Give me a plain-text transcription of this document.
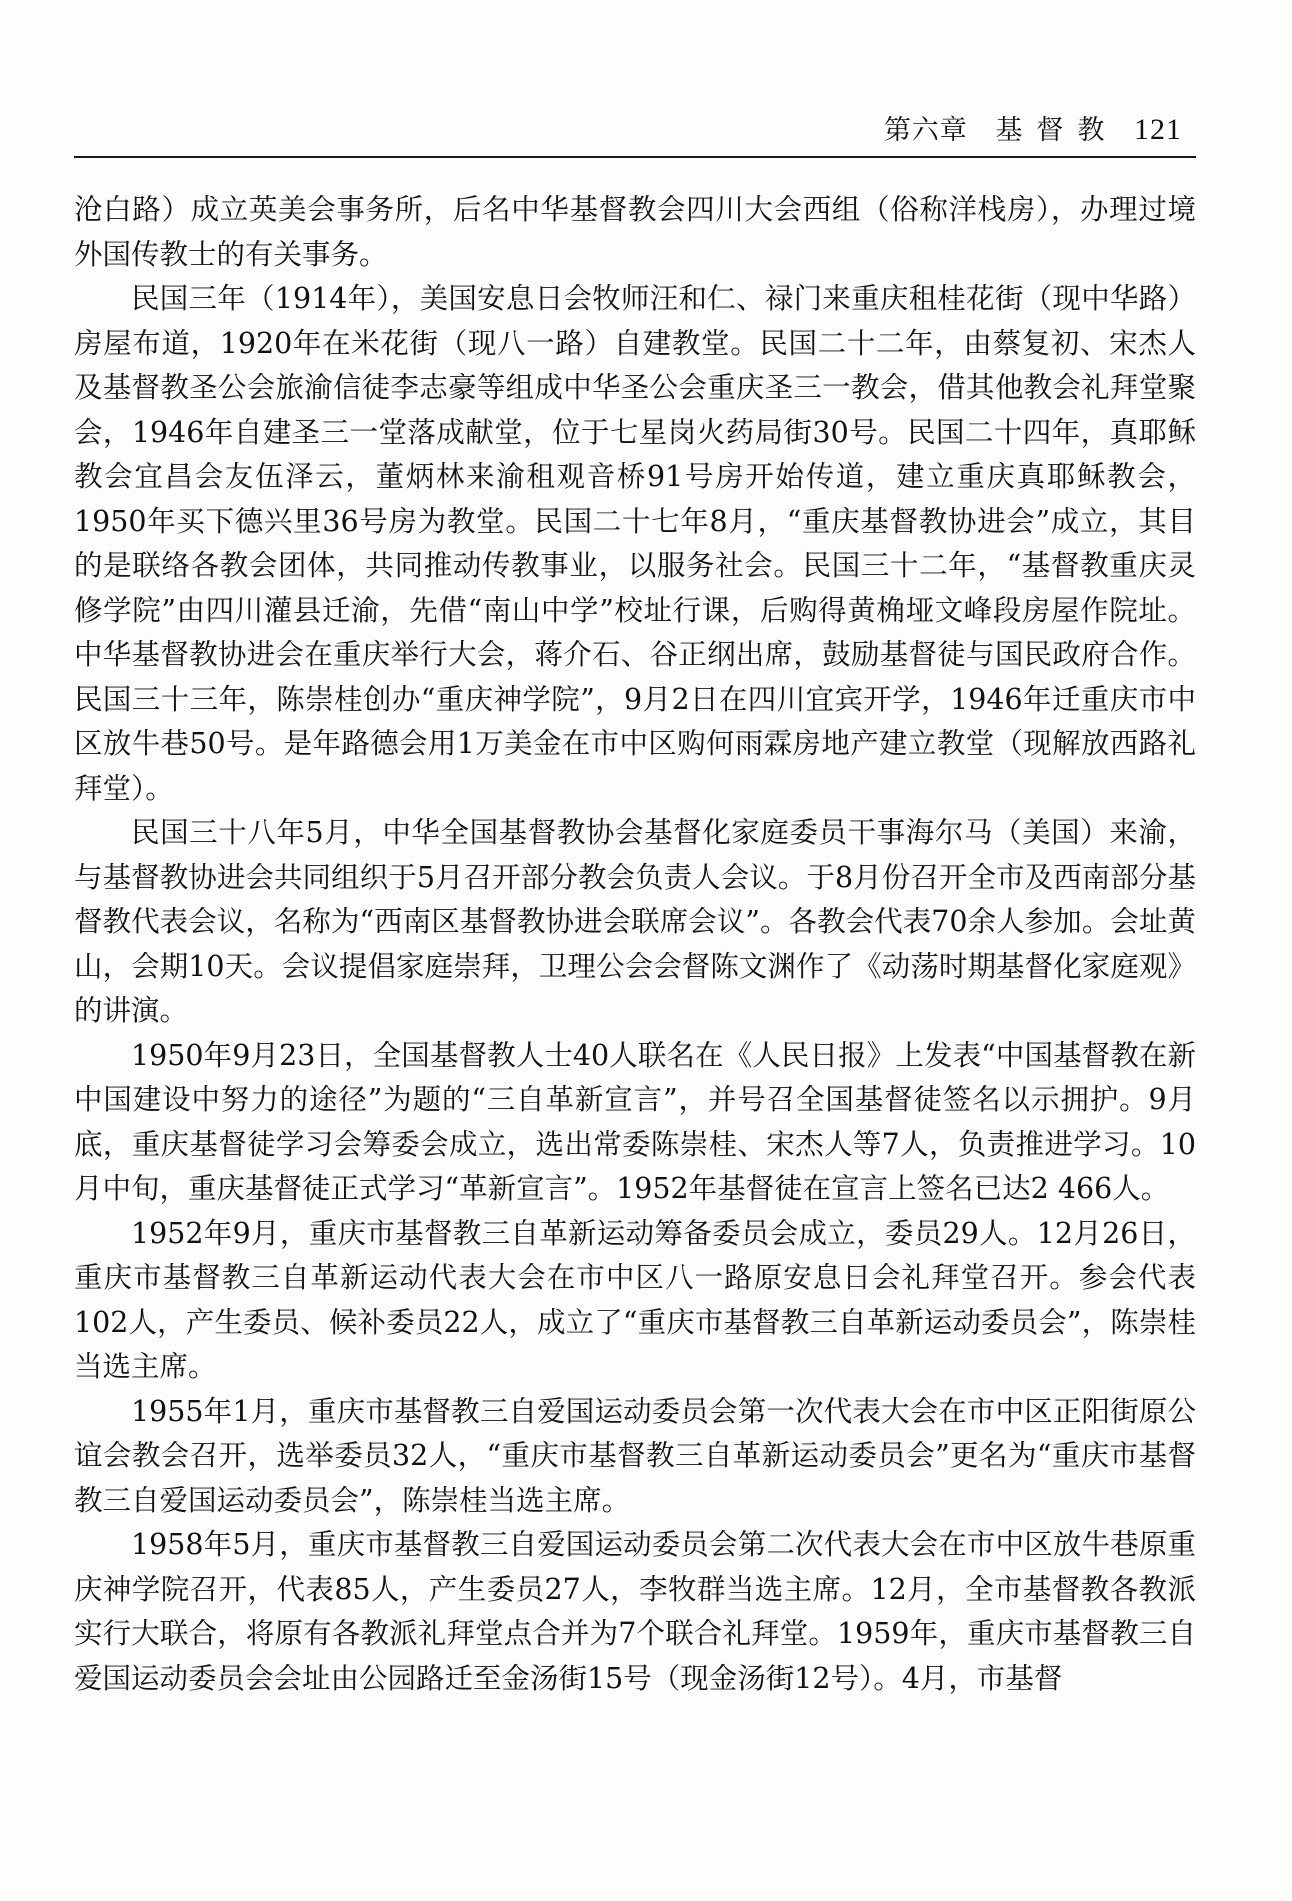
第六章 基督教 121

沧白路）成立英美会事务所，后名中华基督教会四川大会西组（俗称洋栈房），办理过境外国传教士的有关事务。

民国三年（1914年），美国安息日会牧师汪和仁、禄门来重庆租桂花街（现中华路）房屋布道，1920年在米花街（现八一路）自建教堂。民国二十二年，由蔡复初、宋杰人及基督教圣公会旅渝信徒李志豪等组成中华圣公会重庆圣三一教会，借其他教会礼拜堂聚会，1946年自建圣三一堂落成献堂，位于七星岗火药局街30号。民国二十四年，真耶稣教会宜昌会友伍泽云，董炳林来渝租观音桥91号房开始传道，建立重庆真耶稣教会，1950年买下德兴里36号房为教堂。民国二十七年8月，“重庆基督教协进会”成立，其目的是联络各教会团体，共同推动传教事业，以服务社会。民国三十二年，“基督教重庆灵修学院”由四川灌县迁渝，先借“南山中学”校址行课，后购得黄桷垭文峰段房屋作院址。中华基督教协进会在重庆举行大会，蒋介石、谷正纲出席，鼓励基督徒与国民政府合作。民国三十三年，陈崇桂创办“重庆神学院”，9月2日在四川宜宾开学，1946年迁重庆市中区放牛巷50号。是年路德会用1万美金在市中区购何雨霖房地产建立教堂（现解放西路礼拜堂）。

民国三十八年5月，中华全国基督教协会基督化家庭委员干事海尔马（美国）来渝，与基督教协进会共同组织于5月召开部分教会负责人会议。于8月份召开全市及西南部分基督教代表会议，名称为“西南区基督教协进会联席会议”。各教会代表70余人参加。会址黄山，会期10天。会议提倡家庭崇拜，卫理公会会督陈文渊作了《动荡时期基督化家庭观》的讲演。

1950年9月23日，全国基督教人士40人联名在《人民日报》上发表“中国基督教在新中国建设中努力的途径”为题的“三自革新宣言”，并号召全国基督徒签名以示拥护。9月底，重庆基督徒学习会筹委会成立，选出常委陈崇桂、宋杰人等7人，负责推进学习。10月中旬，重庆基督徒正式学习“革新宣言”。1952年基督徒在宣言上签名已达2 466人。

1952年9月，重庆市基督教三自革新运动筹备委员会成立，委员29人。12月26日，重庆市基督教三自革新运动代表大会在市中区八一路原安息日会礼拜堂召开。参会代表102人，产生委员、候补委员22人，成立了“重庆市基督教三自革新运动委员会”，陈崇桂当选主席。

1955年1月，重庆市基督教三自爱国运动委员会第一次代表大会在市中区正阳街原公谊会教会召开，选举委员32人，“重庆市基督教三自革新运动委员会”更名为“重庆市基督教三自爱国运动委员会”，陈崇桂当选主席。

1958年5月，重庆市基督教三自爱国运动委员会第二次代表大会在市中区放牛巷原重庆神学院召开，代表85人，产生委员27人，李牧群当选主席。12月，全市基督教各教派实行大联合，将原有各教派礼拜堂点合并为7个联合礼拜堂。1959年，重庆市基督教三自爱国运动委员会会址由公园路迁至金汤街15号（现金汤街12号）。4月，市基督
